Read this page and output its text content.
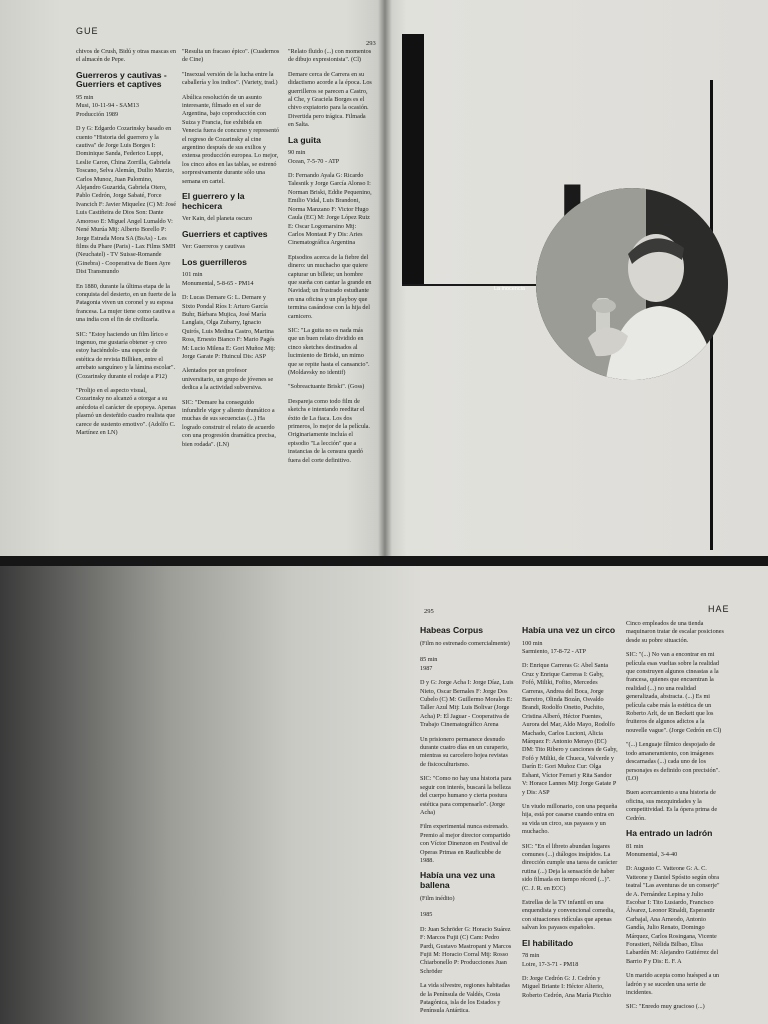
GUE
293

chivos de Crush, Bidú y otras mascas en el almacén de Pepe.

Guerreros y cautivas - Guerriers et captives

95 min
Musi, 10-11-94 - SAM13
Producción 1989

D y G: Edgardo Cozarinsky basado en cuento "Historia del guerrero y la cautiva" de Jorge Luis Borges I: Dominique Sanda, Federico Luppi, Leslie Caron, China Zorrilla, Gabriela Toscano, Selva Alemán, Duilio Marzio, Carlos Munoz, Juan Palomino, Alejandro Guzarida, Gabriela Otero, Pablo Cedrón, Jorge Sabaté, Force Ivancich F: Javier Miquelez (C) M: José Luis Castiñeira de Dios Son: Dante Amoroso E: Miguel Angel Lumaldo V: Nené Murúa Mtj: Alberto Borello P: Jorge Estrada Mora SA (BsAs) - Les films du Phare (Paris) - Lax Films SMH (Neuchatel) - TV Suisse-Romande (Ginebra) - Cooperativa de Buen Ayre Dist Transmundo

En 1880, durante la última etapa de la conquista del desierto, en un fuerte de la Patagonia viven un coronel y su esposa francesa. La mujer tiene como cautiva a una india con el fin de civilizarla.

SIC: "Estoy haciendo un film lírico e ingenuo, me gustaría obtener -y creo estoy haciéndolo- una especie de estética de revista Billiken, entre el arrebato sanguíneo y la lámina escolar". (Cozarinsky durante el rodaje a P12)

"Prolijo en el aspecto visual, Cozarinsky no alcanzó a otorgar a su anécdota el carácter de epopeya. Apenas plasmó un desteñido cuadro realista que carece de sustento emotivo". (Adolfo C. Martínez en LN)

"Resulta un fracaso épico". (Cuadernos de Cine)

"Insexual versión de la lucha entre la caballería y los indios". (Variety, trad.)

Abúlica resolución de un asunto interesante, filmado en el sur de Argentina, bajo coproducción con Suiza y Francia, fue exhibida en Venecia fuera de concurso y representó el regreso de Cozarinsky al cine argentino después de sus exilios y extensa producción europea. Lo mejor, los cinco años en las tablas, se estrenó sorpresivamente durante sólo una semana en cartel.

El guerrero y la hechicera

Ver Kain, del planeta oscuro

Guerriers et captives

Ver: Guerreros y cautivas

Los guerrilleros

101 min
Monumental, 5-8-65 - PM14

D: Lucas Demare G: L. Demare y Sixto Pondal Ríos I: Arturo García Buhr, Bárbara Mujica, José María Langlais, Olga Zubarry, Ignacio Quirós, Luis Medina Castro, Martina Ross, Ernesto Bianco F: Mario Pagés M: Lucio Milena E: Gori Muñoz Mtj: Jorge Garate P: Huincul Dis: ASP

Alentados por un profesor universitario, un grupo de jóvenes se dedica a la actividad subversiva.

SIC: "Demare ha conseguido infundirle vigor y aliento dramático a muchas de sus secuencias (...) Ha logrado construir el relato de acuerdo con una progresión dramática precisa, bien rodada". (LN)

"Relato fluido (...) con momentos de dibujo expresionista". (Cl)

Demare cerca de Carrera en su didactismo acorde a la época. Los guerrilleros se parecen a Castro, al Che, y Graciela Borges es el chivo expiatorio para la ocasión. Divertida pero trágica. Filmada en Salta.

La guita

90 min
Ocean, 7-5-70 - ATP

D: Fernando Ayala G: Ricardo Talesnik y Jorge García Alonso I: Norman Briski, Eddie Pequenino, Emilio Vidal, Luis Brandoni, Norma Manzano F: Victor Hugo Caula (EC) M: Jorge López Ruiz E: Oscar Logomarsino Mtj: Carlos Montaut P y Dis: Aries Cinematográfica Argentina

Episodios acerca de la fiebre del dinero: un muchacho que quiere capturar un billete; un hombre que sueña con cantar la grande en Navidad; un frustrado estudiante en una oficina y un playboy que termina casándose con la hija del carnicero.

SIC: "La guita no es nada más que un buen relato dividido en cinco sketches destinados al lucimiento de Briski, un mimo que se repite hasta el cansancio". (Moldavsky no identif)

"Sobreactuante Briski". (Goss)

Despareja como todo film de sketchs e intentando reeditar el éxito de La fiaca. Los dos primeros, lo mejor de la película. Originariamente incluía el episodio "La lección" que a instancias de la censura quedó fuera del corte definitivo.

La inocencia
295	HAE
Habeas Corpus

(Film no estrenado comercialmente)

85 min
1987

D y G: Jorge Acha I: Jorge Díaz, Luis Nieto, Oscar Bernales F: Jorge Dos Cubelo (C) M: Guillermo Morales E: Taller Azul Mtj: Luis Bolivar (Jorge Acha) P: El Jaguar - Cooperativa de Trabajo Cinematográfico Arena

Un prisionero permanece desnudo durante cuatro días en un curaperio, mientras su carcelero hojea revistas de fisicoculturismo.

SIC: "Como no hay una historia para seguir con interés, buscará la belleza del cuerpo humano y cierta postura estética para compensarlo". (Jorge Acha)

Film experimental nunca estrenado. Premio al mejor director compartido con Víctor Dinenzon en Festival de Operas Primas en Rauficubbe de 1988.

Había una vez una ballena

(Film inédito)

1985

D: Juan Schröder G: Horacio Suárez F: Marcos Fujii (C) Cam: Pedro Pardi, Gustavo Mastropani y Marcos Fujii M: Horacio Corral Mtj: Rosso Chiarbonello P: Producciones Juan Schröder

La vida silvestre, regiones habitadas de la Península de Valdés, Costa Patagónica, isla de los Estados y Península Antártica.

Había una vez un circo

100 min
Sarmiento, 17-8-72 - ATP

D: Enrique Carreras G: Abel Santa Cruz y Enrique Carreras I: Gaby, Fofó, Miliki, Fofito, Mercedes Carreras, Andrea del Boca, Jorge Barreiro, Olinda Bozán, Osvaldo Brandi, Rodolfo Onetto, Puchito, Cristina Alberó, Héctor Fuentes, Aurora del Mar, Aldo Mayo, Rodolfo Machado, Carlos Lucioni, Alicia Márquez F: Antonio Merayo (EC) DM: Tito Ribero y canciones de Gaby, Fofó y Miliki, de Chueca, Valverde y Darín E: Gori Muñoz Cur: Olga Eshant, Víctor Ferrari y Rita Sandor V: Horace Lannes Mtj: Jorge Gatate P y Dis: ASP

Un viudo millonario, con una pequeña hija, está por casarse cuando entra en su vida un circo, sus payasos y un muchacho.

SIC: "En el libreto abundan lugares comunes (...) diálogos insípidos. La dirección cumple una tarea de carácter rutina (...) Deja la sensación de haber sido filmada en tiempo récord (...)". (C. J. R. en ECC)

Estrellas de la TV infantil en una enquendista y convencional comedia, con situaciones ridículas que apenas salvan los payasos españoles.

El habilitado

78 min
Loire, 17-3-71 - PM18

D: Jorge Cedrón G: J. Cedrón y Miguel Briante I: Héctor Alterio, Roberto Cedrón, Ana María Picchio

Cinco empleados de una tienda maquinaron tratar de escalar posiciones desde su pobre situación.

SIC: "(...) No van a encontrar en mi película esas vueltas sobre la realidad que construyen algunos cineastas a la francesa, quienes que encuentran la realidad (...) no una realidad generalizada, abstracta. (...) Es mi película cabe más la estética de un Roberto Arlt, de un Beckett que los fruiteros de algunos adictos a la nouvelle vague". (Jorge Cedrón en Cl)

"(...) Lenguaje fílmico despojado de todo amaneramiento, con imágenes descarnadas (...) cada uno de los personajes es definido con precisión". (LO)

Buen acercamiento a una historia de oficina, sus mezquindades y la competitividad. Es la ópera prima de Cedrón.

Ha entrado un ladrón

81 min
Monumental, 3-4-40

D: Augusto C. Vatteone G: A. C. Vatteone y Daniel Spósito según obra teatral "Las aventuras de un conserje" de A. Fernández Lepina y Julio Escobar I: Tito Lusiardo, Francisco Álvarez, Leonor Rinaldi, Esperantir Carbajal, Ana Arneodo, Antonio Gandía, Julio Renato, Domingo Márquez, Carlos Rosingana, Vicente Forastieri, Nélida Bilbao, Elisa Labardén M: Alejandro Gutiérrez del Barrio P y Dis: E. F. A

Un marido acepta como huésped a un ladrón y se suceden una serie de incidentes.

SIC: "Enredo muy gracioso (...)
